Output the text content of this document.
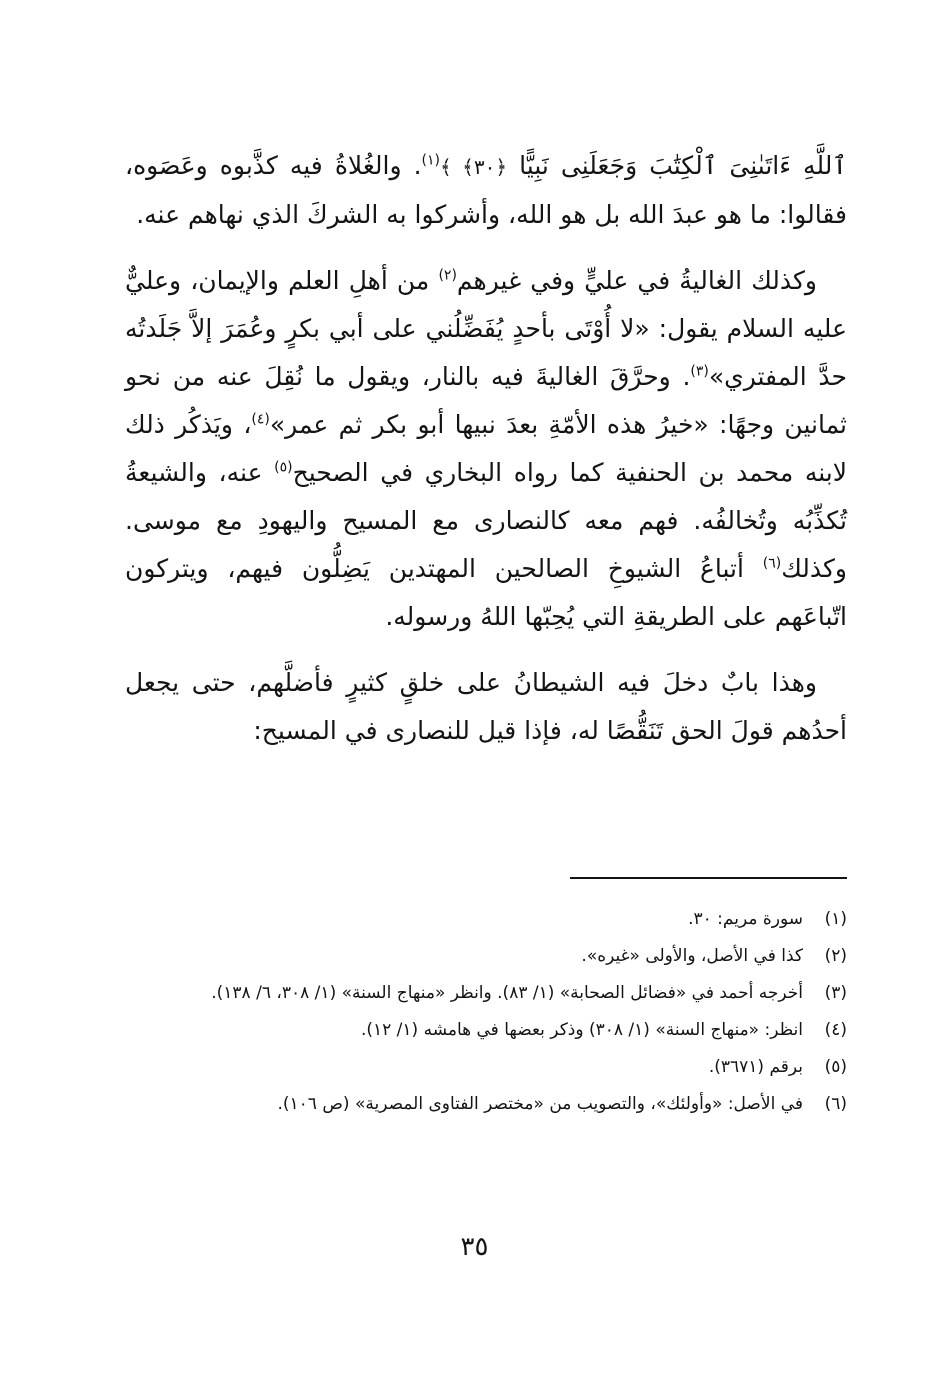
ٱللَّهِ ءَاتَىٰنِىَ ٱلْكِتَٰبَ وَجَعَلَنِى نَبِيًّا ﴿٣٠﴾ ﴾$^{(١)}$. والغُلاةُ فيه كذَّبوه وعَصَوه، فقالوا: ما هو عبدَ الله بل هو الله، وأشركوا به الشركَ الذي نهاهم عنه.

وكذلك الغاليةُ في عليٍّ وفي غيرهم$^{(٢)}$ من أهلِ العلم والإيمان، وعليٌّ عليه السلام يقول: «لا أُوْتَى بأحدٍ يُفَضِّلُني على أبي بكرٍ وعُمَرَ إلاَّ جَلَدتُه حدَّ المفتري»$^{(٣)}$. وحرَّقَ الغاليةَ فيه بالنار، ويقول ما نُقِلَ عنه من نحو ثمانين وجهًا: «خيرُ هذه الأمّةِ بعدَ نبيها أبو بكر ثم عمر»$^{(٤)}$، ويَذكُر ذلك لابنه محمد بن الحنفية كما رواه البخاري في الصحيح$^{(٥)}$ عنه، والشيعةُ تُكذِّبُه وتُخالفُه. فهم معه كالنصارى مع المسيح واليهودِ مع موسى. وكذلك$^{(٦)}$ أتباعُ الشيوخِ الصالحين المهتدين يَضِلُّون فيهم، ويتركون اتّباعَهم على الطريقةِ التي يُحِبّها اللهُ ورسوله.

وهذا بابٌ دخلَ فيه الشيطانُ على خلقٍ كثيرٍ فأضلَّهم، حتى يجعل أحدُهم قولَ الحق تَنَقُّصًا له، فإذا قيل للنصارى في المسيح:

(١)
سورة مريم: ٣٠.
(٢)
كذا في الأصل، والأولى «غيره».
(٣)
أخرجه أحمد في «فضائل الصحابة» (١/ ٨٣). وانظر «منهاج السنة» (١/ ٣٠٨، ٦/ ١٣٨).
(٤)
انظر: «منهاج السنة» (١/ ٣٠٨) وذكر بعضها في هامشه (١/ ١٢).
(٥)
برقم (٣٦٧١).
(٦)
في الأصل: «وأولئك»، والتصويب من «مختصر الفتاوى المصرية» (ص ١٠٦).
٣٥
